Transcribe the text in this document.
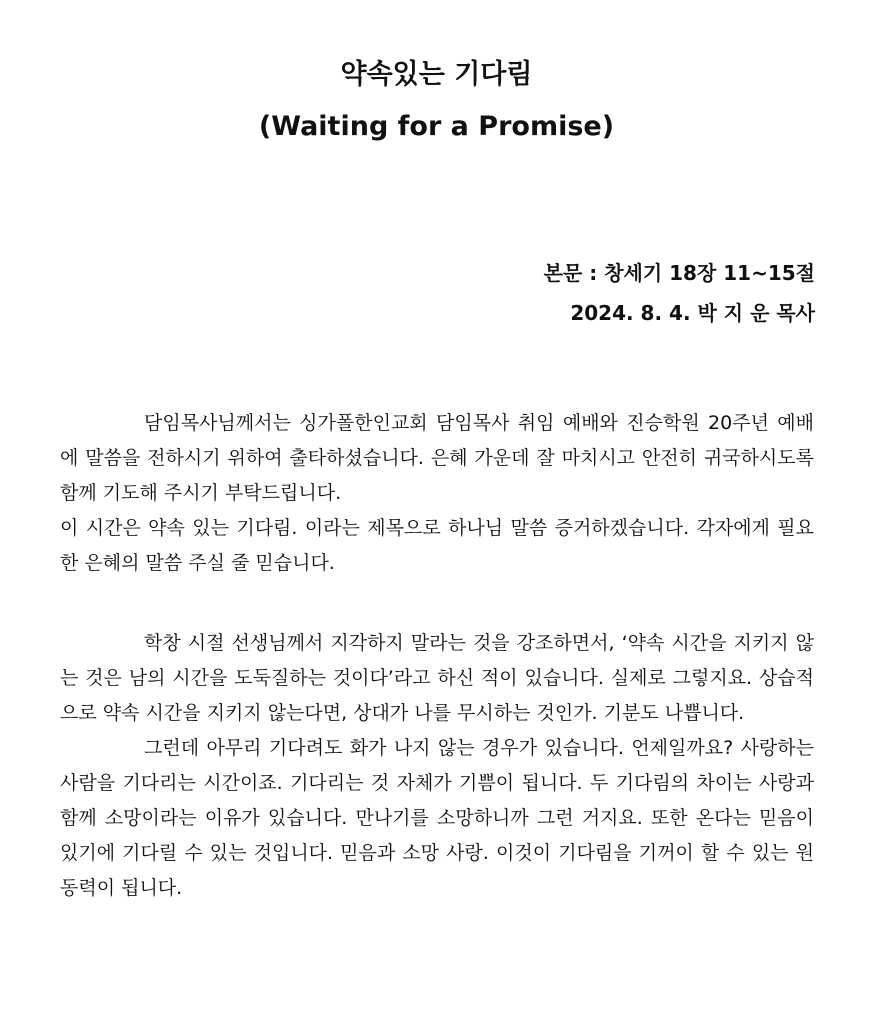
약속있는 기다림
(Waiting for a Promise)

본문 : 창세기 18장 11~15절

2024. 8. 4. 박 지 운 목사

담임목사님께서는 싱가폴한인교회 담임목사 취임 예배와 진승학원 20주년 예배에 말씀을 전하시기 위하여 출타하셨습니다. 은혜 가운데 잘 마치시고 안전히 귀국하시도록 함께 기도해 주시기 부탁드립니다.

이 시간은 약속 있는 기다림. 이라는 제목으로 하나님 말씀 증거하겠습니다. 각자에게 필요한 은혜의 말씀 주실 줄 믿습니다.

학창 시절 선생님께서 지각하지 말라는 것을 강조하면서, ‘약속 시간을 지키지 않는 것은 남의 시간을 도둑질하는 것이다’라고 하신 적이 있습니다. 실제로 그렇지요. 상습적으로 약속 시간을 지키지 않는다면, 상대가 나를 무시하는 것인가. 기분도 나쁩니다.

그런데 아무리 기다려도 화가 나지 않는 경우가 있습니다. 언제일까요? 사랑하는 사람을 기다리는 시간이죠. 기다리는 것 자체가 기쁨이 됩니다. 두 기다림의 차이는 사랑과 함께 소망이라는 이유가 있습니다. 만나기를 소망하니까 그런 거지요. 또한 온다는 믿음이 있기에 기다릴 수 있는 것입니다. 믿음과 소망 사랑. 이것이 기다림을 기꺼이 할 수 있는 원동력이 됩니다.
